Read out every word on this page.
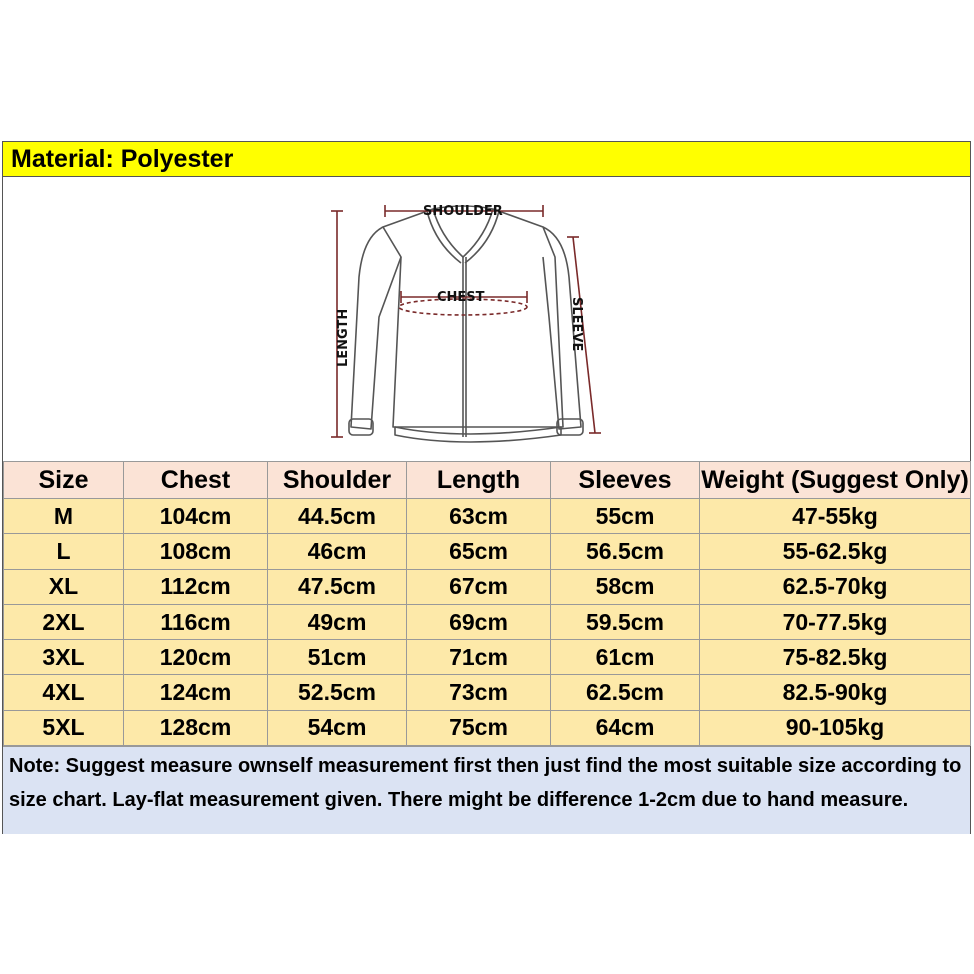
Material: Polyester
SHOULDER
CHEST
LENGTH	SLEEVE
Size	Chest	Shoulder	Length	Sleeves	Weight (Suggest Only)
M	104cm	44.5cm	63cm	55cm	47-55kg
L	108cm	46cm	65cm	56.5cm	55-62.5kg
XL	112cm	47.5cm	67cm	58cm	62.5-70kg
2XL	116cm	49cm	69cm	59.5cm	70-77.5kg
3XL	120cm	51cm	71cm	61cm	75-82.5kg
4XL	124cm	52.5cm	73cm	62.5cm	82.5-90kg
5XL	128cm	54cm	75cm	64cm	90-105kg
Note: Suggest measure ownself measurement first then just find the most suitable size according to size chart. Lay-flat measurement given. There might be difference 1-2cm due to hand measure.
